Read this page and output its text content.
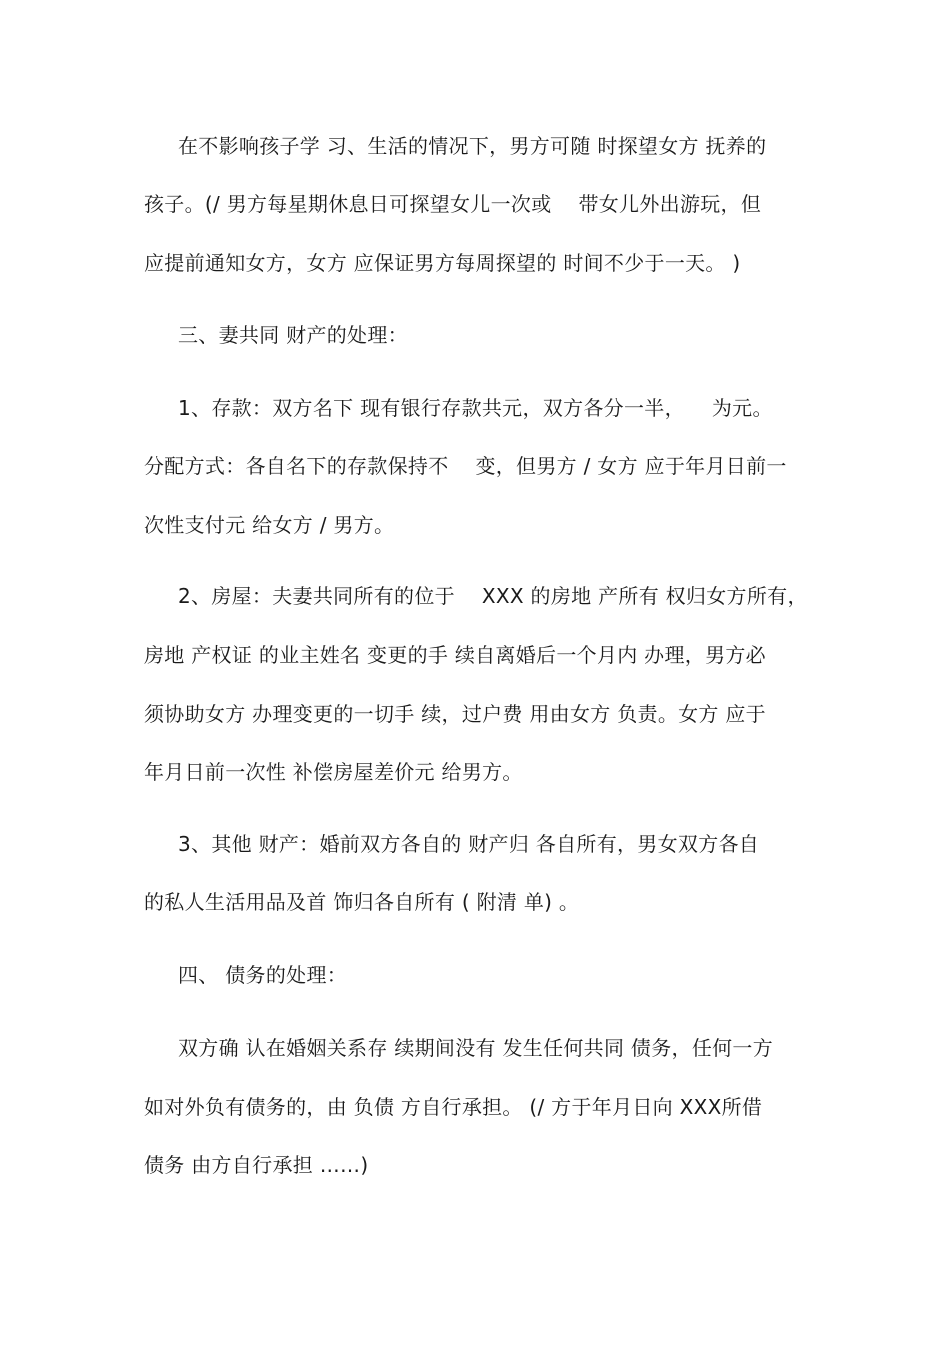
在不影响孩子学 习、生活的情况下，男方可随 时探望女方 抚养的
孩子。(/ 男方每星期休息日可探望女儿一次或 　带女儿外出游玩，但
应提前通知女方，女方 应保证男方每周探望的 时间不少于一天。 )
三、妻共同 财产的处理：
1、存款：双方名下 现有银行存款共元，双方各分一半， 　为元。
分配方式：各自名下的存款保持不 　变，但男方 / 女方 应于年月日前一
次性支付元 给女方 / 男方。
2、房屋：夫妻共同所有的位于 　XXX 的房地 产所有 权归女方所有，
房地 产权证 的业主姓名 变更的手 续自离婚后一个月内 办理，男方必
须协助女方 办理变更的一切手 续，过户费 用由女方 负责。女方 应于
年月日前一次性 补偿房屋差价元 给男方。
3、其他 财产：婚前双方各自的 财产归 各自所有，男女双方各自
的私人生活用品及首 饰归各自所有 ( 附清 单) 。
四、 债务的处理：
双方确 认在婚姻关系存 续期间没有 发生任何共同 债务，任何一方
如对外负有债务的，由 负债 方自行承担。 (/ 方于年月日向 XXX所借
债务 由方自行承担 ……)
